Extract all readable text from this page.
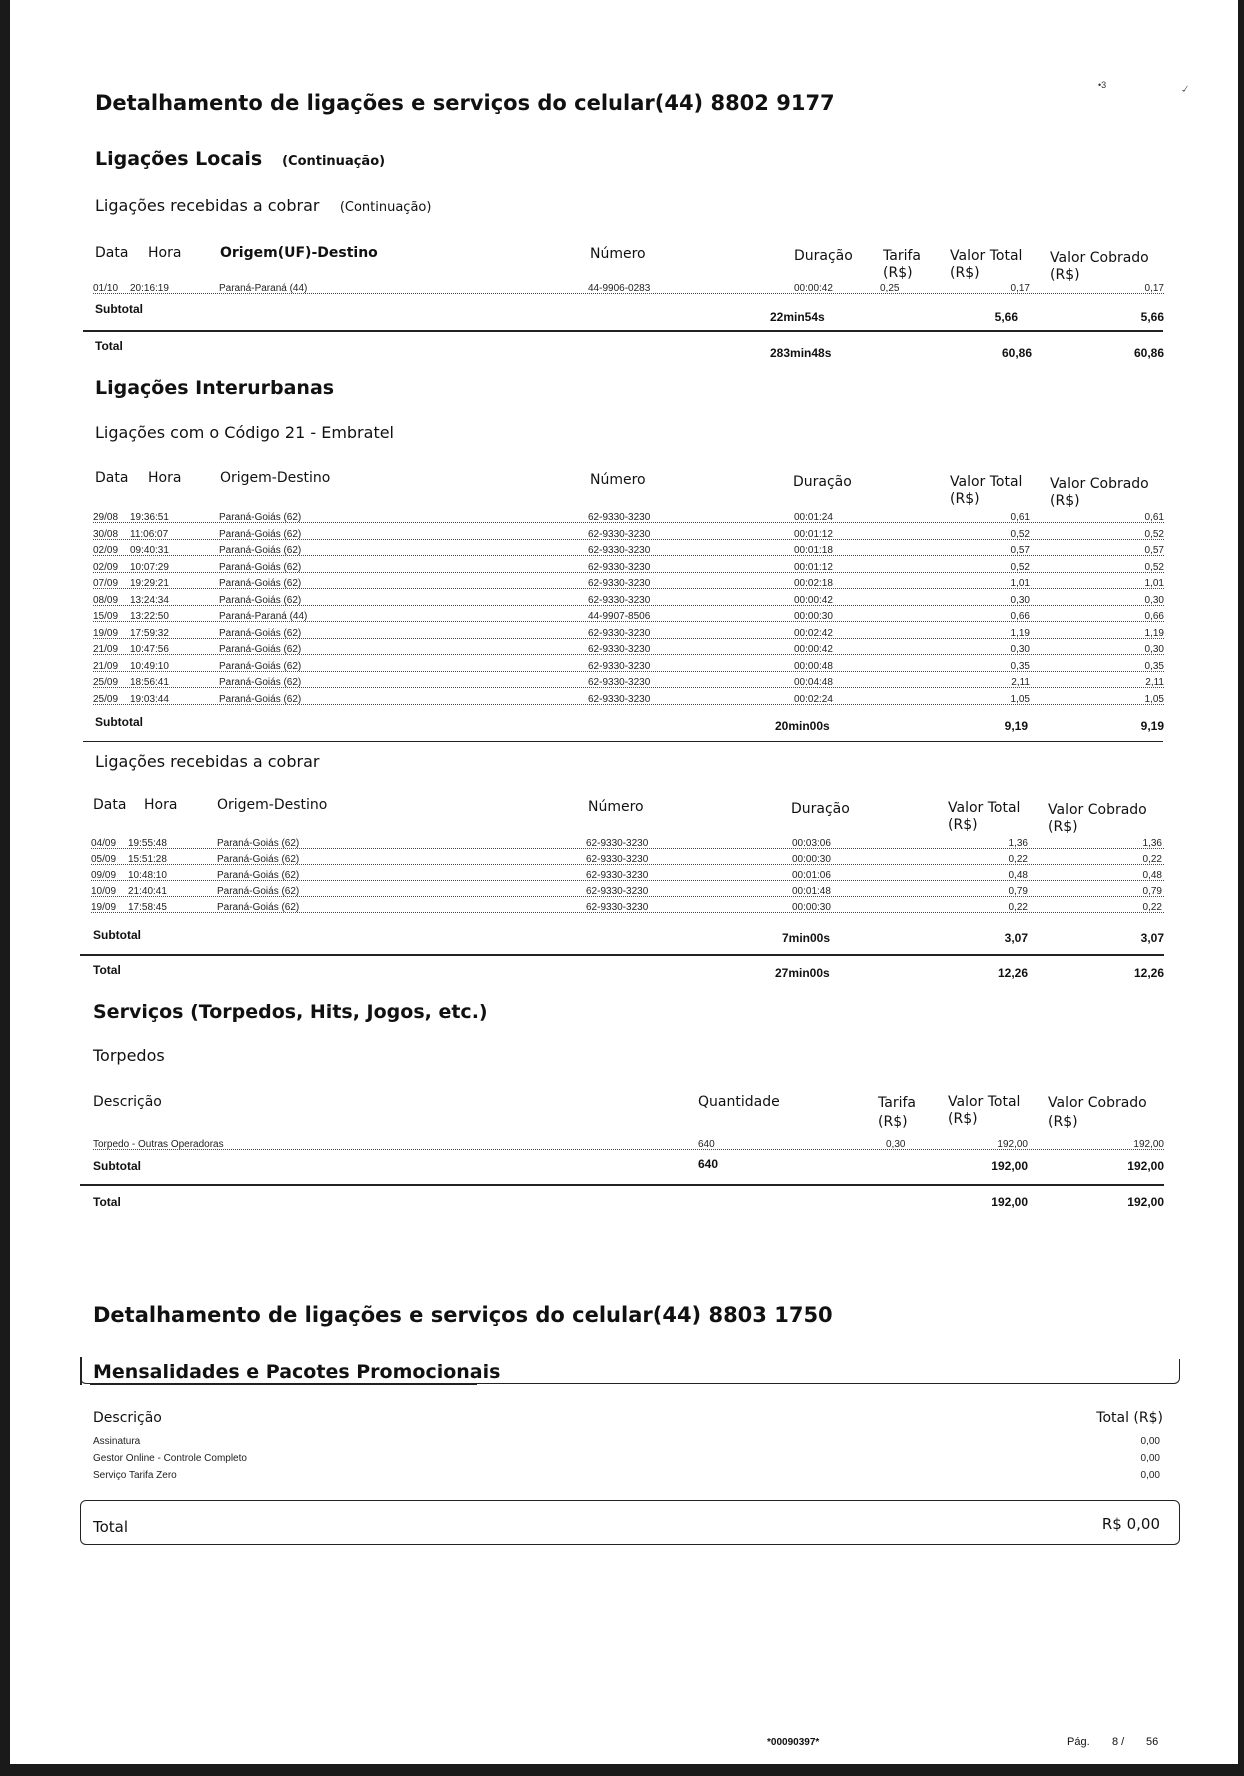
•3	˗∕
Detalhamento de ligações e serviços do celular(44) 8802 9177
Ligações Locais (Continuação)
Ligações recebidas a cobrar (Continuação)
Data Hora	Origem(UF)-Destino	Número	Duração Tarifa (R$)
Valor Total (R$)
Valor Cobrado (R$)
01/10 20:16:19	Paraná-Paraná (44)	44-9906-0283	00:00:42	0,25	0,17	0,17
Subtotal
22min54s	5,66	5,66
Total	283min48s	60,86	60,86
Ligações Interurbanas
Ligações com o Código 21 - Embratel
Data Hora	Origem-Destino	Número	Duração	Valor Total (R$)
Valor Cobrado (R$)
29/08 19:36:51	Paraná-Goiás (62)	62-9330-3230	00:01:24	0,61	0,61
30/08 11:06:07	Paraná-Goiás (62)	62-9330-3230	00:01:12	0,52	0,52
02/09 09:40:31	Paraná-Goiás (62)	62-9330-3230	00:01:18	0,57	0,57
02/09 10:07:29	Paraná-Goiás (62)	62-9330-3230	00:01:12	0,52	0,52
07/09 19:29:21	Paraná-Goiás (62)	62-9330-3230	00:02:18	1,01	1,01
08/09 13:24:34	Paraná-Goiás (62)	62-9330-3230	00:00:42	0,30	0,30
15/09 13:22:50	Paraná-Paraná (44)	44-9907-8506	00:00:30	0,66	0,66
19/09 17:59:32	Paraná-Goiás (62)	62-9330-3230	00:02:42	1,19	1,19
21/09 10:47:56	Paraná-Goiás (62)	62-9330-3230	00:00:42	0,30	0,30
21/09 10:49:10	Paraná-Goiás (62)	62-9330-3230	00:00:48	0,35	0,35
25/09 18:56:41	Paraná-Goiás (62)	62-9330-3230	00:04:48	2,11	2,11
25/09 19:03:44	Paraná-Goiás (62)	62-9330-3230	00:02:24	1,05	1,05
Subtotal	20min00s	9,19	9,19
Ligações recebidas a cobrar
Data Hora	Origem-Destino	Número	Duração	Valor Total (R$)
Valor Cobrado (R$)
04/09 19:55:48	Paraná-Goiás (62)	62-9330-3230	00:03:06	1,36	1,36
05/09 15:51:28	Paraná-Goiás (62)	62-9330-3230	00:00:30	0,22	0,22
09/09 10:48:10	Paraná-Goiás (62)	62-9330-3230	00:01:06	0,48	0,48
10/09 21:40:41	Paraná-Goiás (62)	62-9330-3230	00:01:48	0,79	0,79
19/09 17:58:45	Paraná-Goiás (62)	62-9330-3230	00:00:30	0,22	0,22
Subtotal	7min00s	3,07	3,07
Total	27min00s	12,26	12,26
Serviços (Torpedos, Hits, Jogos, etc.)
Torpedos
Descrição	Quantidade	Tarifa (R$)
Valor Total (R$)
Valor Cobrado (R$)
Torpedo - Outras Operadoras	640	0,30	192,00	192,00
Subtotal	640	192,00	192,00
Total	192,00	192,00
Detalhamento de ligações e serviços do celular(44) 8803 1750
Mensalidades e Pacotes Promocionais
Descrição	Total (R$)
Assinatura	0,00
Gestor Online - Controle Completo	0,00
Serviço Tarifa Zero	0,00
Total	R$ 0,00
*00090397*	Pág. 8 / 56
